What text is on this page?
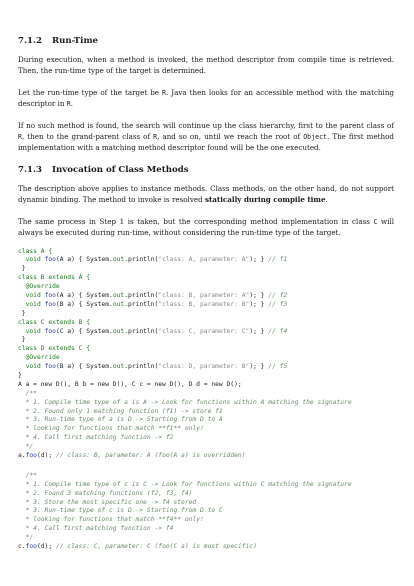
7.1.2 Run-Time

During execution, when a method is invoked, the method descriptor from compile time is retrieved. Then, the run-time type of the target is determined.

Let the run-time type of the target be R. Java then looks for an accessible method with the matching descriptor in R.

If no such method is found, the search will continue up the class hierarchy, first to the parent class of R, then to the grand-parent class of R, and so on, until we reach the root of Object. The first method implementation with a matching method descriptor found will be the one executed.

7.1.3 Invocation of Class Methods

The description above applies to instance methods. Class methods, on the other hand, do not support dynamic binding. The method to invoke is resolved statically during compile time.

The same process in Step 1 is taken, but the corresponding method implementation in class C will always be executed during run-time, without considering the run-time type of the target.

class A {
void foo(A a) { System.out.println("class: A, parameter: A"); } // f1
}
class B extends A {
@Override
void foo(A a) { System.out.println("class: B, parameter: A"); } // f2
void foo(B a) { System.out.println("class: B, parameter: B"); } // f3
}
class C extends B {
void foo(C a) { System.out.println("class: C, parameter: C"); } // f4
}
class D extends C {
@Override
void foo(B a) { System.out.println("class: D, parameter: B"); } // f5
}
A a = new D(), B b = new D(), C c = new D(), D d = new D();
/**
* 1. Compile time type of a is A -> Look for functions within A matching the signature
* 2. Found only 1 matching function (f1) -> store f1
* 3. Run-time type of a is D -> Starting from D to A
* looking for functions that match **f1** only!
* 4. Call first matching function -> f2
*/
a.foo(d); // class: B, parameter: A (foo(A a) is overridden)
/**
* 1. Compile time type of c is C -> Look for functions within C matching the signature
* 2. Found 3 matching functions (f2, f3, f4)
* 3. Store the most specific one -> f4 stored
* 3. Run-time type of c is D -> Starting from D to C
* looking for functions that match **f4** only!
* 4. Call first matching function -> f4
*/
c.foo(d); // class: C, parameter: C (foo(C a) is most specific)
